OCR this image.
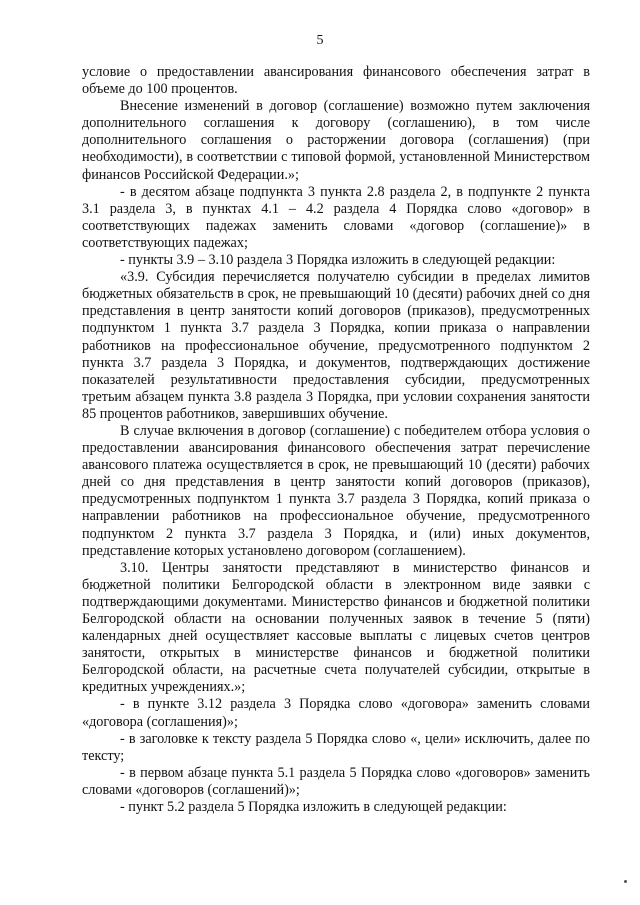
5

условие о предоставлении авансирования финансового обеспечения затрат в объеме до 100 процентов.

Внесение изменений в договор (соглашение) возможно путем заключения дополнительного соглашения к договору (соглашению), в том числе дополнительного соглашения о расторжении договора (соглашения) (при необходимости), в соответствии с типовой формой, установленной Министерством финансов Российской Федерации.»;

- в десятом абзаце подпункта 3 пункта 2.8 раздела 2, в подпункте 2 пункта 3.1 раздела 3, в пунктах 4.1 – 4.2 раздела 4 Порядка слово «договор» в соответствующих падежах заменить словами «договор (соглашение)» в соответствующих падежах;

- пункты 3.9 – 3.10 раздела 3 Порядка изложить в следующей редакции:

«3.9. Субсидия перечисляется получателю субсидии в пределах лимитов бюджетных обязательств в срок, не превышающий 10 (десяти) рабочих дней со дня представления в центр занятости копий договоров (приказов), предусмотренных подпунктом 1 пункта 3.7 раздела 3 Порядка, копии приказа о направлении работников на профессиональное обучение, предусмотренного подпунктом 2 пункта 3.7 раздела 3 Порядка, и документов, подтверждающих достижение показателей результативности предоставления субсидии, предусмотренных третьим абзацем пункта 3.8 раздела 3 Порядка, при условии сохранения занятости 85 процентов работников, завершивших обучение.

В случае включения в договор (соглашение) с победителем отбора условия о предоставлении авансирования финансового обеспечения затрат перечисление авансового платежа осуществляется в срок, не превышающий 10 (десяти) рабочих дней со дня представления в центр занятости копий договоров (приказов), предусмотренных подпунктом 1 пункта 3.7 раздела 3 Порядка, копий приказа о направлении работников на профессиональное обучение, предусмотренного подпунктом 2 пункта 3.7 раздела 3 Порядка, и (или) иных документов, представление которых установлено договором (соглашением).

3.10. Центры занятости представляют в министерство финансов и бюджетной политики Белгородской области в электронном виде заявки с подтверждающими документами. Министерство финансов и бюджетной политики Белгородской области на основании полученных заявок в течение 5 (пяти) календарных дней осуществляет кассовые выплаты с лицевых счетов центров занятости, открытых в министерстве финансов и бюджетной политики Белгородской области, на расчетные счета получателей субсидии, открытые в кредитных учреждениях.»;

- в пункте 3.12 раздела 3 Порядка слово «договора» заменить словами «договора (соглашения)»;

- в заголовке к тексту раздела 5 Порядка слово «, цели» исключить, далее по тексту;

- в первом абзаце пункта 5.1 раздела 5 Порядка слово «договоров» заменить словами «договоров (соглашений)»;

- пункт 5.2 раздела 5 Порядка изложить в следующей редакции:
